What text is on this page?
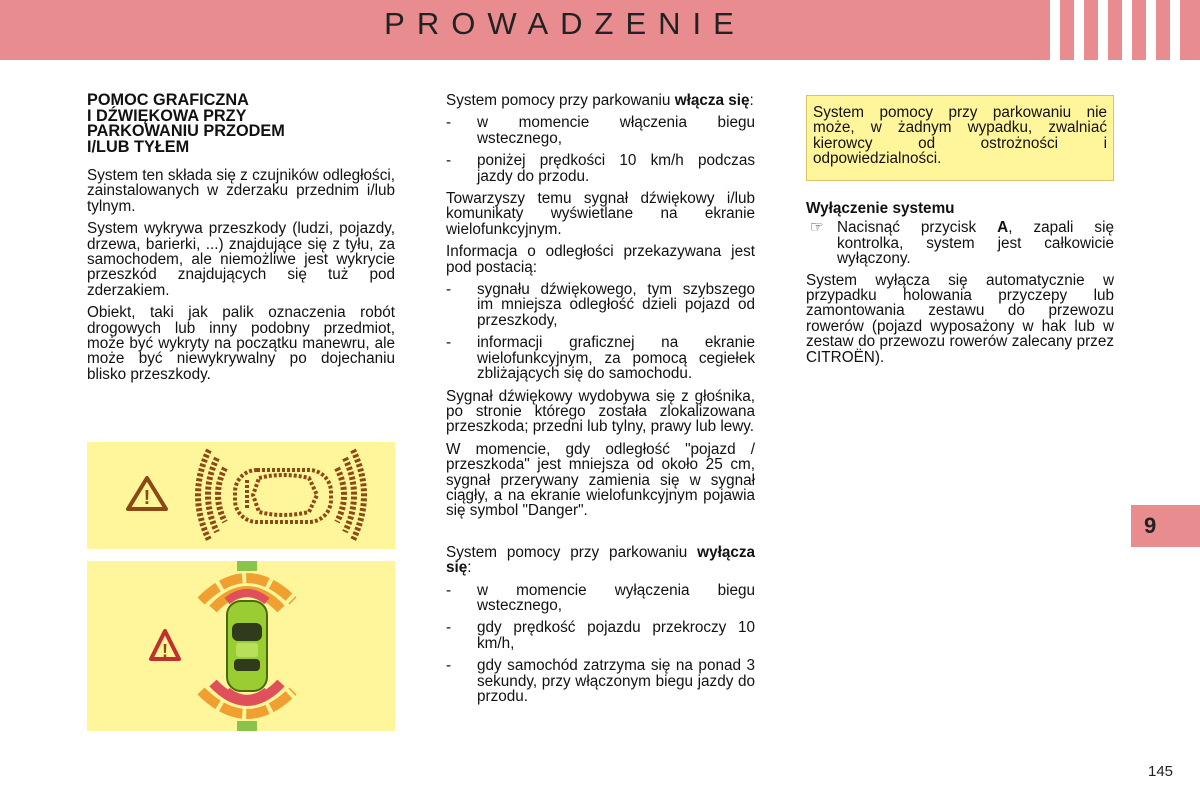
PROWADZENIE
POMOC GRAFICZNA
I DŹWIĘKOWA PRZY
PARKOWANIU PRZODEM
I/LUB TYŁEM

System ten składa się z czujników odległości, zainstalowanych w zderzaku przednim i/lub tylnym.

System wykrywa przeszkody (ludzi, pojazdy, drzewa, barierki, ...) znajdujące się z tyłu, za samochodem, ale niemożliwe jest wykrycie przeszkód znajdujących się tuż pod zderzakiem.

Obiekt, taki jak palik oznaczenia robót drogowych lub inny podobny przedmiot, może być wykryty na początku manewru, ale może być niewykrywalny po dojechaniu blisko przeszkody.

!
!

System pomocy przy parkowaniu włącza się:

- w momencie włączenia biegu wstecznego,
- poniżej prędkości 10 km/h podczas jazdy do przodu.

Towarzyszy temu sygnał dźwiękowy i/lub komunikaty wyświetlane na ekranie wielofunkcyjnym.

Informacja o odległości przekazywana jest pod postacią:

- sygnału dźwiękowego, tym szybszego im mniejsza odległość dzieli pojazd od przeszkody,
- informacji graficznej na ekranie wielofunkcyjnym, za pomocą cegiełek zbliżających się do samochodu.

Sygnał dźwiękowy wydobywa się z głośnika, po stronie którego została zlokalizowana przeszkoda; przedni lub tylny, prawy lub lewy.

W momencie, gdy odległość "pojazd / przeszkoda" jest mniejsza od około 25 cm, sygnał przerywany zamienia się w sygnał ciągły, a na ekranie wielofunkcyjnym pojawia się symbol "Danger".

System pomocy przy parkowaniu wyłącza się:

- w momencie wyłączenia biegu wstecznego,
- gdy prędkość pojazdu przekroczy 10 km/h,
- gdy samochód zatrzyma się na ponad 3 sekundy, przy włączonym biegu jazdy do przodu.
System pomocy przy parkowaniu nie może, w żadnym wypadku, zwalniać kierowcy od ostrożności i odpowiedzialności.
Wyłączenie systemu
☞ Nacisnąć przycisk A, zapali się kontrolka, system jest całkowicie wyłączony.

System wyłącza się automatycznie w przypadku holowania przyczepy lub zamontowania zestawu do przewozu rowerów (pojazd wyposażony w hak lub w zestaw do przewozu rowerów zalecany przez CITROËN).

9
145
